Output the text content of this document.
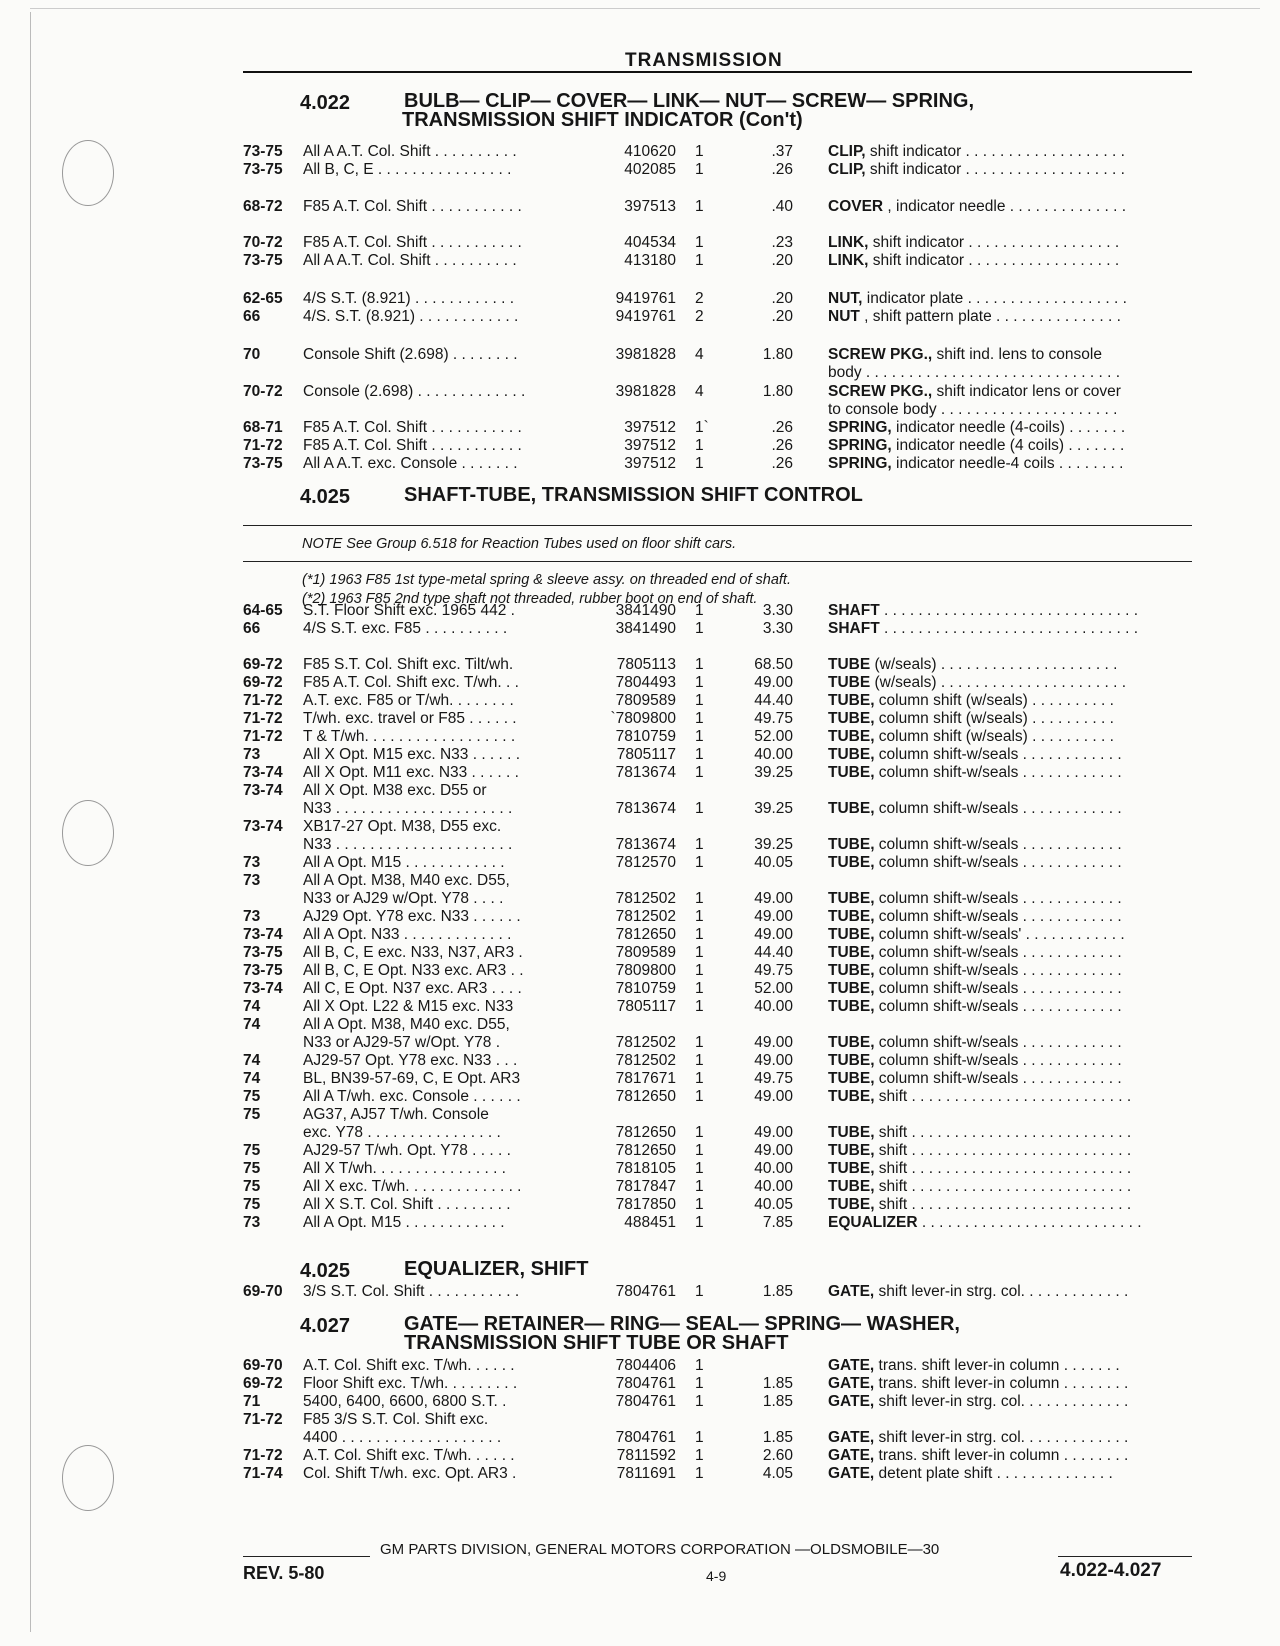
TRANSMISSION
4.022	BULB— CLIP— COVER— LINK— NUT— SCREW— SPRING,
TRANSMISSION SHIFT INDICATOR (Con't)
4.025	SHAFT-TUBE, TRANSMISSION SHIFT CONTROL
4.025	EQUALIZER, SHIFT
4.027	GATE— RETAINER— RING— SEAL— SPRING— WASHER,
TRANSMISSION SHIFT TUBE OR SHAFT
NOTE See Group 6.518 for Reaction Tubes used on floor shift cars.
(*1) 1963 F85 1st type-metal spring & sleeve assy. on threaded end of shaft.
(*2) 1963 F85 2nd type shaft not threaded, rubber boot on end of shaft.
73-75	All A A.T. Col. Shift . . . . . . . . . .	410620 1	.37 CLIP, shift indicator . . . . . . . . . . . . . . . . . . .
73-75	All B, C, E . . . . . . . . . . . . . . . .	402085 1	.26 CLIP, shift indicator . . . . . . . . . . . . . . . . . . .
68-72	F85 A.T. Col. Shift . . . . . . . . . . .	397513 1	.40 COVER , indicator needle . . . . . . . . . . . . . .
70-72	F85 A.T. Col. Shift . . . . . . . . . . .	404534 1	.23 LINK, shift indicator . . . . . . . . . . . . . . . . . .
73-75	All A A.T. Col. Shift . . . . . . . . . .	413180 1	.20 LINK, shift indicator . . . . . . . . . . . . . . . . . .
62-65	4/S S.T. (8.921) . . . . . . . . . . . .	9419761 2	.20 NUT, indicator plate . . . . . . . . . . . . . . . . . . .
66	4/S. S.T. (8.921) . . . . . . . . . . . .	9419761 2	.20 NUT , shift pattern plate . . . . . . . . . . . . . . .
70	Console Shift (2.698) . . . . . . . .	3981828 4	1.80 SCREW PKG., shift ind. lens to console
body . . . . . . . . . . . . . . . . . . . . . . . . . . . . . .
70-72	Console (2.698) . . . . . . . . . . . . .	3981828 4	1.80 SCREW PKG., shift indicator lens or cover
to console body . . . . . . . . . . . . . . . . . . . . .
68-71	F85 A.T. Col. Shift . . . . . . . . . . .	397512 1`	.26 SPRING, indicator needle (4-coils) . . . . . . .
71-72	F85 A.T. Col. Shift . . . . . . . . . . .	397512 1	.26 SPRING, indicator needle (4 coils) . . . . . . .
73-75	All A A.T. exc. Console . . . . . . .	397512 1	.26 SPRING, indicator needle-4 coils . . . . . . . .
64-65	S.T. Floor Shift exc. 1965 442 .	3841490 1	3.30 SHAFT . . . . . . . . . . . . . . . . . . . . . . . . . . . . . .
66	4/S S.T. exc. F85 . . . . . . . . . .	3841490 1	3.30 SHAFT . . . . . . . . . . . . . . . . . . . . . . . . . . . . . .
69-72	F85 S.T. Col. Shift exc. Tilt/wh.	7805113 1	68.50 TUBE (w/seals) . . . . . . . . . . . . . . . . . . . . .
69-72	F85 A.T. Col. Shift exc. T/wh. . .	7804493 1	49.00 TUBE (w/seals) . . . . . . . . . . . . . . . . . . . . . .
71-72	A.T. exc. F85 or T/wh. . . . . . . .	7809589 1	44.40 TUBE, column shift (w/seals) . . . . . . . . . .
71-72	T/wh. exc. travel or F85 . . . . . .	`7809800 1	49.75 TUBE, column shift (w/seals) . . . . . . . . . .
71-72	T & T/wh. . . . . . . . . . . . . . . . . .	7810759 1	52.00 TUBE, column shift (w/seals) . . . . . . . . . .
73	All X Opt. M15 exc. N33 . . . . . .	7805117 1	40.00 TUBE, column shift-w/seals . . . . . . . . . . . .
73-74	All X Opt. M11 exc. N33 . . . . . .	7813674 1	39.25 TUBE, column shift-w/seals . . . . . . . . . . . .
73-74	All X Opt. M38 exc. D55 or
N33 . . . . . . . . . . . . . . . . . . . . .	7813674 1	39.25 TUBE, column shift-w/seals . . . . . . . . . . . .
73-74	XB17-27 Opt. M38, D55 exc.
N33 . . . . . . . . . . . . . . . . . . . . .	7813674 1	39.25 TUBE, column shift-w/seals . . . . . . . . . . . .
73	All A Opt. M15 . . . . . . . . . . . .	7812570 1	40.05 TUBE, column shift-w/seals . . . . . . . . . . . .
73	All A Opt. M38, M40 exc. D55,
N33 or AJ29 w/Opt. Y78 . . . .	7812502 1	49.00 TUBE, column shift-w/seals . . . . . . . . . . . .
73	AJ29 Opt. Y78 exc. N33 . . . . . .	7812502 1	49.00 TUBE, column shift-w/seals . . . . . . . . . . . .
73-74	All A Opt. N33 . . . . . . . . . . . . .	7812650 1	49.00 TUBE, column shift-w/seals' . . . . . . . . . . . .
73-75	All B, C, E exc. N33, N37, AR3 .	7809589 1	44.40 TUBE, column shift-w/seals . . . . . . . . . . . .
73-75	All B, C, E Opt. N33 exc. AR3 . .	7809800 1	49.75 TUBE, column shift-w/seals . . . . . . . . . . . .
73-74	All C, E Opt. N37 exc. AR3 . . . .	7810759 1	52.00 TUBE, column shift-w/seals . . . . . . . . . . . .
74	All X Opt. L22 & M15 exc. N33	7805117 1	40.00 TUBE, column shift-w/seals . . . . . . . . . . . .
74	All A Opt. M38, M40 exc. D55,
N33 or AJ29-57 w/Opt. Y78 .	7812502 1	49.00 TUBE, column shift-w/seals . . . . . . . . . . . .
74	AJ29-57 Opt. Y78 exc. N33 . . .	7812502 1	49.00 TUBE, column shift-w/seals . . . . . . . . . . . .
74	BL, BN39-57-69, C, E Opt. AR3	7817671 1	49.75 TUBE, column shift-w/seals . . . . . . . . . . . .
75	All A T/wh. exc. Console . . . . . .	7812650 1	49.00 TUBE, shift . . . . . . . . . . . . . . . . . . . . . . . . . .
75	AG37, AJ57 T/wh. Console
exc. Y78 . . . . . . . . . . . . . . . .	7812650 1	49.00 TUBE, shift . . . . . . . . . . . . . . . . . . . . . . . . . .
75	AJ29-57 T/wh. Opt. Y78 . . . . .	7812650 1	49.00 TUBE, shift . . . . . . . . . . . . . . . . . . . . . . . . . .
75	All X T/wh. . . . . . . . . . . . . . . .	7818105 1	40.00 TUBE, shift . . . . . . . . . . . . . . . . . . . . . . . . . .
75	All X exc. T/wh. . . . . . . . . . . . . .	7817847 1	40.00 TUBE, shift . . . . . . . . . . . . . . . . . . . . . . . . . .
75	All X S.T. Col. Shift . . . . . . . . .	7817850 1	40.05 TUBE, shift . . . . . . . . . . . . . . . . . . . . . . . . . .
73	All A Opt. M15 . . . . . . . . . . . .	488451 1	7.85 EQUALIZER . . . . . . . . . . . . . . . . . . . . . . . . . .
69-70	3/S S.T. Col. Shift . . . . . . . . . . .	7804761 1	1.85 GATE, shift lever-in strg. col. . . . . . . . . . . . .
69-70	A.T. Col. Shift exc. T/wh. . . . . .	7804406 1	GATE, trans. shift lever-in column . . . . . . .
69-72	Floor Shift exc. T/wh. . . . . . . . .	7804761 1	1.85 GATE, trans. shift lever-in column . . . . . . . .
71	5400, 6400, 6600, 6800 S.T. .	7804761 1	1.85 GATE, shift lever-in strg. col. . . . . . . . . . . . .
71-72	F85 3/S S.T. Col. Shift exc.
4400 . . . . . . . . . . . . . . . . . . .	7804761 1	1.85 GATE, shift lever-in strg. col. . . . . . . . . . . . .
71-72	A.T. Col. Shift exc. T/wh. . . . . .	7811592 1	2.60 GATE, trans. shift lever-in column . . . . . . . .
71-74	Col. Shift T/wh. exc. Opt. AR3 .	7811691 1	4.05 GATE, detent plate shift . . . . . . . . . . . . . .
GM PARTS DIVISION, GENERAL MOTORS CORPORATION —OLDSMOBILE—30
REV. 5-80	4-9	4.022-4.027
